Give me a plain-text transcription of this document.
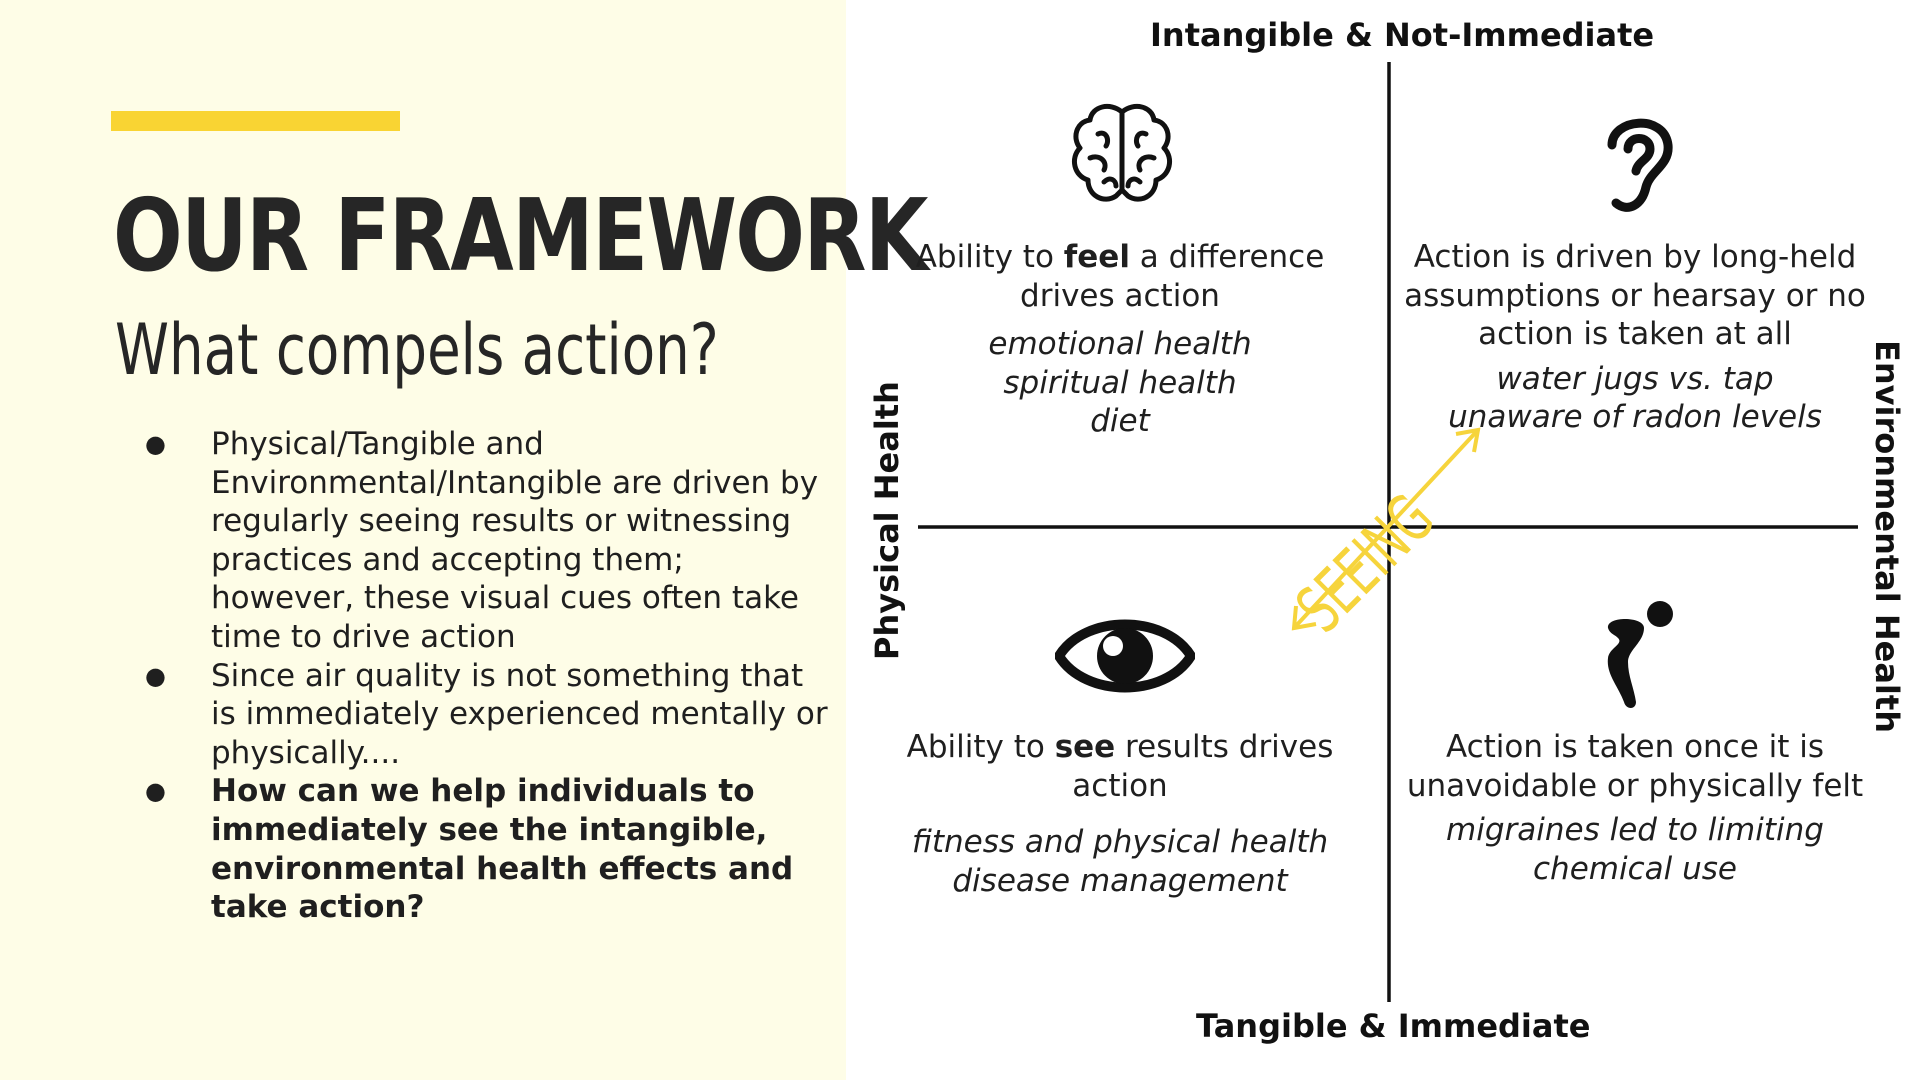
OUR FRAMEWORK
What compels action?
● Physical/Tangible and Environmental/Intangible are driven by regularly seeing results or witnessing practices and accepting them; however, these visual cues often take time to drive action
● Since air quality is not something that is immediately experienced mentally or physically....
● How can we help individuals to immediately see the intangible, environmental health effects and take action?
SEEING
Intangible & Not-Immediate
Tangible & Immediate
Physical Health	Environmental Health
Ability to feel a difference drives action
emotional health
spiritual health
diet
Action is driven by long-held assumptions or hearsay or no action is taken at all
water jugs vs. tap
unaware of radon levels
Ability to see results drives action
fitness and physical health
disease management
Action is taken once it is unavoidable or physically felt
migraines led to limiting
chemical use
